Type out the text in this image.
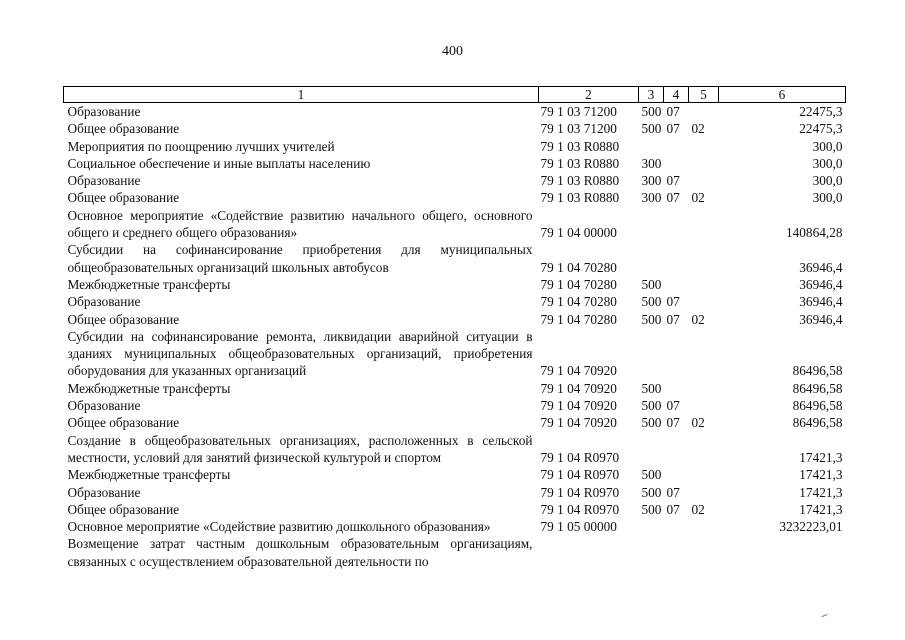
400
1	2	3	4	5	6
Образование	79 1 03 71200	500	07		22475,3
Общее образование	79 1 03 71200	500	07	02	22475,3
Мероприятия по поощрению лучших учителей	79 1 03 R0880				300,0
Социальное обеспечение и иные выплаты населению	79 1 03 R0880	300			300,0
Образование	79 1 03 R0880	300	07		300,0
Общее образование	79 1 03 R0880	300	07	02	300,0
Основное мероприятие «Содействие развитию начального общего, основного общего и среднего общего образования»	79 1 04 00000				140864,28
Субсидии на софинансирование приобретения для муниципальных общеобразовательных организаций школьных автобусов	79 1 04 70280				36946,4
Межбюджетные трансферты	79 1 04 70280	500			36946,4
Образование	79 1 04 70280	500	07		36946,4
Общее образование	79 1 04 70280	500	07	02	36946,4
Субсидии на софинансирование ремонта, ликвидации аварийной ситуации в зданиях муниципальных общеобразовательных организаций, приобретения оборудования для указанных организаций	79 1 04 70920				86496,58
Межбюджетные трансферты	79 1 04 70920	500			86496,58
Образование	79 1 04 70920	500	07		86496,58
Общее образование	79 1 04 70920	500	07	02	86496,58
Создание в общеобразовательных организациях, расположенных в сельской местности, условий для занятий физической культурой и спортом	79 1 04 R0970				17421,3
Межбюджетные трансферты	79 1 04 R0970	500			17421,3
Образование	79 1 04 R0970	500	07		17421,3
Общее образование	79 1 04 R0970	500	07	02	17421,3
Основное мероприятие «Содействие развитию дошкольного образования»	79 1 05 00000				3232223,01
Возмещение затрат частным дошкольным образовательным организациям, связанных с осуществлением образовательной деятельности по					
